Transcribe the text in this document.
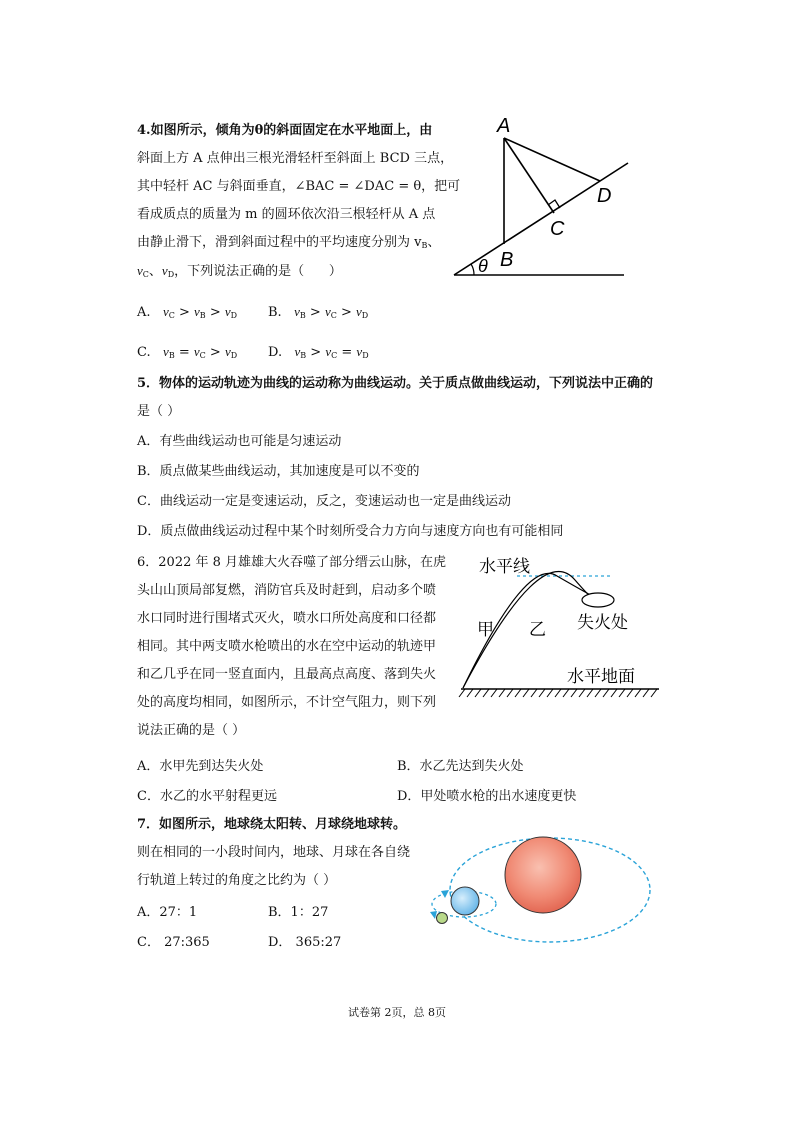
4.如图所示，倾角为θ的斜面固定在水平地面上，由
斜面上方 A 点伸出三根光滑轻杆至斜面上 BCD 三点，
其中轻杆 AC 与斜面垂直，∠BAC = ∠DAC = θ，把可
看成质点的质量为 m 的圆环依次沿三根轻杆从 A 点
由静止滑下，滑到斜面过程中的平均速度分别为 $v_B$、
$v_C$、$v_D$，下列说法正确的是（      ）
A. $v_C > v_B > v_D$ B. $v_B > v_C > v_D$
C. $v_B = v_C > v_D$ D. $v_B > v_C = v_D$
A
B
C
D
θ
5．物体的运动轨迹为曲线的运动称为曲线运动。关于质点做曲线运动，下列说法中正确的
是（ ）
A．有些曲线运动也可能是匀速运动
B．质点做某些曲线运动，其加速度是可以不变的
C．曲线运动一定是变速运动，反之，变速运动也一定是曲线运动
D．质点做曲线运动过程中某个时刻所受合力方向与速度方向也有可能相同
6．2022 年 8 月雄雄大火吞噬了部分缙云山脉，在虎
头山山顶局部复燃，消防官兵及时赶到，启动多个喷
水口同时进行围堵式灭火，喷水口所处高度和口径都
相同。其中两支喷水枪喷出的水在空中运动的轨迹甲
和乙几乎在同一竖直面内，且最高点高度、落到失火
处的高度均相同，如图所示，不计空气阻力，则下列
说法正确的是（ ）
A．水甲先到达失火处	B．水乙先达到失火处
C．水乙的水平射程更远	D．甲处喷水枪的出水速度更快
水平线
甲 乙 失火处
水平地面
7．如图所示，地球绕太阳转、月球绕地球转。
则在相同的一小段时间内，地球、月球在各自绕
行轨道上转过的角度之比约为（ ）
A．27：1	B．1：27
C． 27:365	D． 365:27
试卷第 2页，总 8页
